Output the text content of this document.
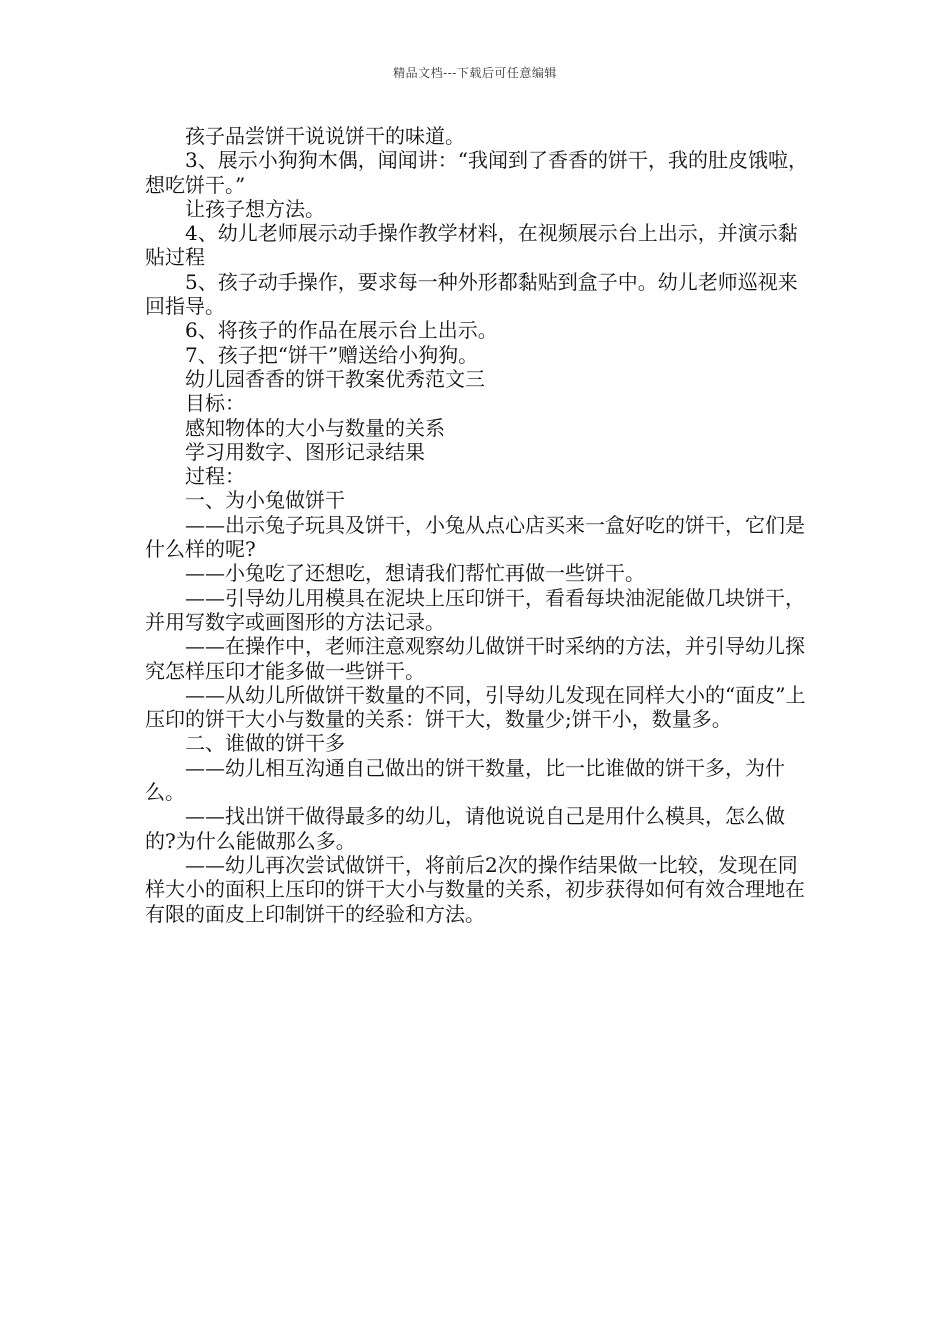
精品文档---下载后可任意编辑

孩子品尝饼干说说饼干的味道。

3、展示小狗狗木偶，闻闻讲：“我闻到了香香的饼干，我的肚皮饿啦，想吃饼干。”

让孩子想方法。

4、幼儿老师展示动手操作教学材料，在视频展示台上出示，并演示黏贴过程

5、孩子动手操作，要求每一种外形都黏贴到盒子中。幼儿老师巡视来回指导。

6、将孩子的作品在展示台上出示。

7、孩子把“饼干”赠送给小狗狗。

幼儿园香香的饼干教案优秀范文三

目标：

感知物体的大小与数量的关系

学习用数字、图形记录结果

过程：

一、为小兔做饼干

——出示兔子玩具及饼干，小兔从点心店买来一盒好吃的饼干，它们是什么样的呢?

——小兔吃了还想吃，想请我们帮忙再做一些饼干。

——引导幼儿用模具在泥块上压印饼干，看看每块油泥能做几块饼干，并用写数字或画图形的方法记录。

——在操作中，老师注意观察幼儿做饼干时采纳的方法，并引导幼儿探究怎样压印才能多做一些饼干。

——从幼儿所做饼干数量的不同，引导幼儿发现在同样大小的“面皮”上压印的饼干大小与数量的关系：饼干大，数量少;饼干小，数量多。

二、谁做的饼干多

——幼儿相互沟通自己做出的饼干数量，比一比谁做的饼干多，为什么。

——找出饼干做得最多的幼儿，请他说说自己是用什么模具，怎么做的?为什么能做那么多。

——幼儿再次尝试做饼干，将前后2次的操作结果做一比较，发现在同样大小的面积上压印的饼干大小与数量的关系，初步获得如何有效合理地在有限的面皮上印制饼干的经验和方法。
